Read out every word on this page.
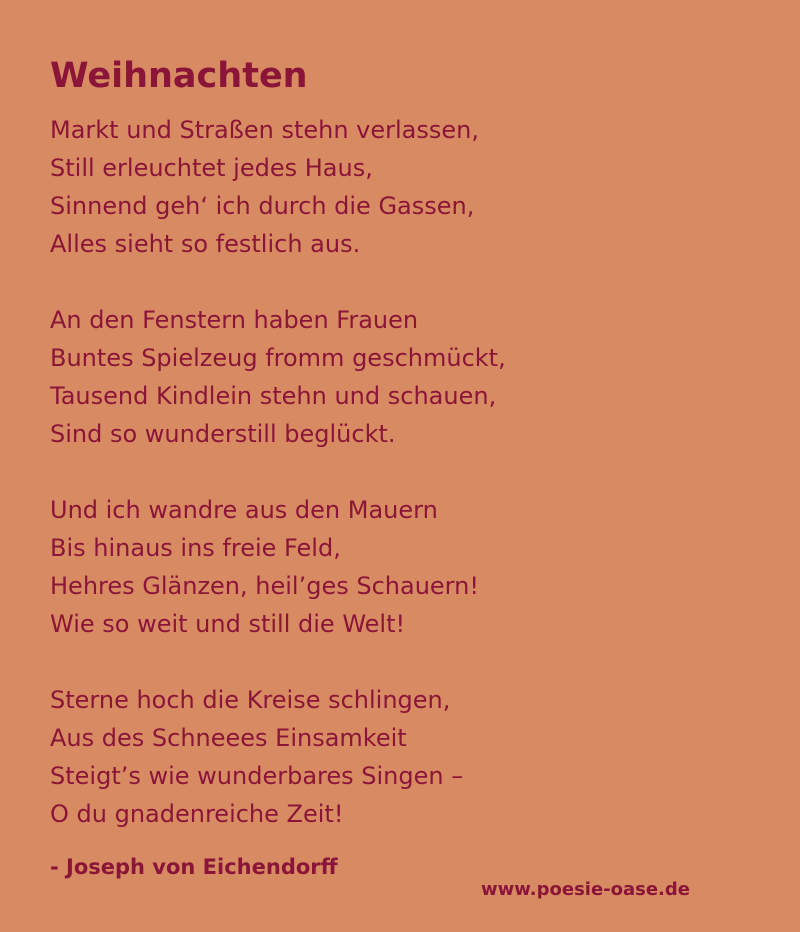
Weihnachten
Markt und Straßen stehn verlassen,
Still erleuchtet jedes Haus,
Sinnend geh‘ ich durch die Gassen,
Alles sieht so festlich aus.
An den Fenstern haben Frauen
Buntes Spielzeug fromm geschmückt,
Tausend Kindlein stehn und schauen,
Sind so wunderstill beglückt.
Und ich wandre aus den Mauern
Bis hinaus ins freie Feld,
Hehres Glänzen, heil’ges Schauern!
Wie so weit und still die Welt!
Sterne hoch die Kreise schlingen,
Aus des Schneees Einsamkeit
Steigt’s wie wunderbares Singen –
O du gnadenreiche Zeit!

- Joseph von Eichendorff

www.poesie-oase.de
